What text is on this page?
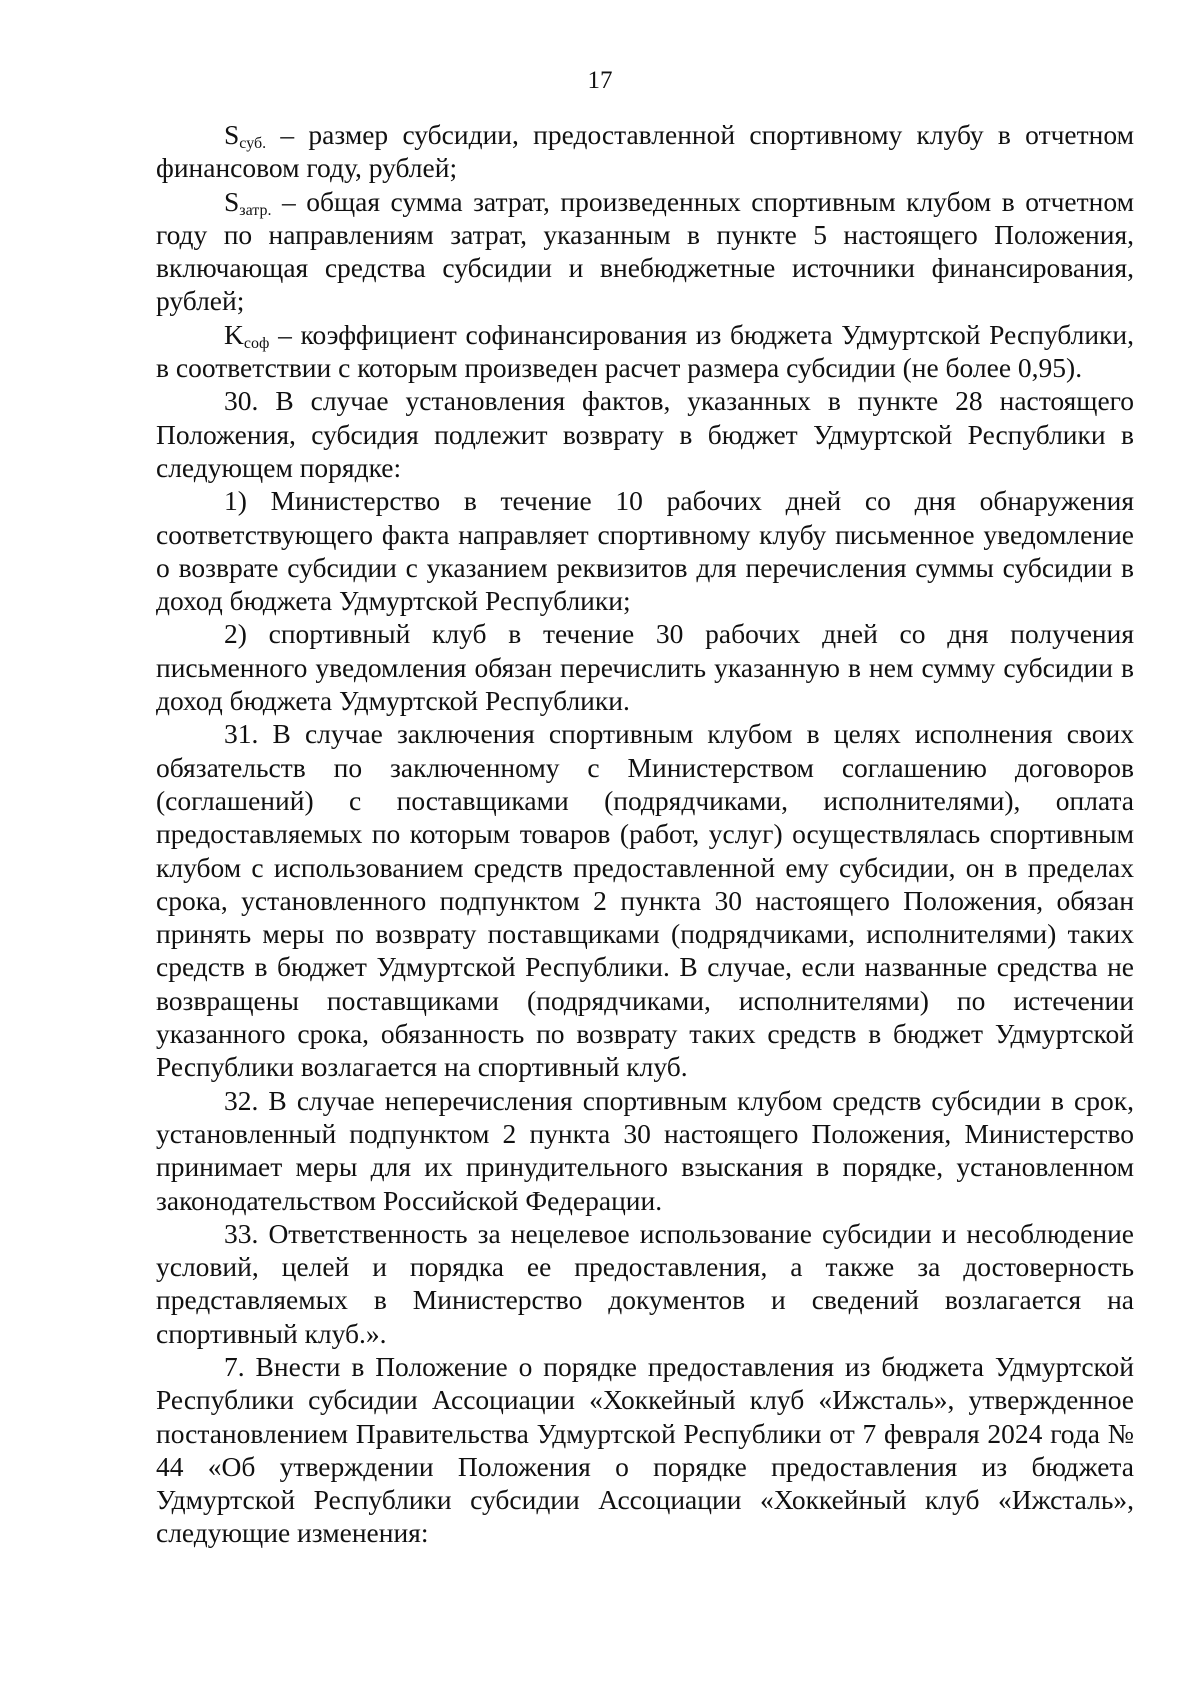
17

$S_{суб.}$ – размер субсидии, предоставленной спортивному клубу в отчетном финансовом году, рублей;

$S_{затр.}$ – общая сумма затрат, произведенных спортивным клубом в отчетном году по направлениям затрат, указанным в пункте 5 настоящего Положения, включающая средства субсидии и внебюджетные источники финансирования, рублей;

$K_{соф}$ – коэффициент софинансирования из бюджета Удмуртской Республики, в соответствии с которым произведен расчет размера субсидии (не более 0,95).

30. В случае установления фактов, указанных в пункте 28 настоящего Положения, субсидия подлежит возврату в бюджет Удмуртской Республики в следующем порядке:

1) Министерство в течение 10 рабочих дней со дня обнаружения соответствующего факта направляет спортивному клубу письменное уведомление о возврате субсидии с указанием реквизитов для перечисления суммы субсидии в доход бюджета Удмуртской Республики;

2) спортивный клуб в течение 30 рабочих дней со дня получения письменного уведомления обязан перечислить указанную в нем сумму субсидии в доход бюджета Удмуртской Республики.

31. В случае заключения спортивным клубом в целях исполнения своих обязательств по заключенному с Министерством соглашению договоров (соглашений) с поставщиками (подрядчиками, исполнителями), оплата предоставляемых по которым товаров (работ, услуг) осуществлялась спортивным клубом с использованием средств предоставленной ему субсидии, он в пределах срока, установленного подпунктом 2 пункта 30 настоящего Положения, обязан принять меры по возврату поставщиками (подрядчиками, исполнителями) таких средств в бюджет Удмуртской Республики. В случае, если названные средства не возвращены поставщиками (подрядчиками, исполнителями) по истечении указанного срока, обязанность по возврату таких средств в бюджет Удмуртской Республики возлагается на спортивный клуб.

32. В случае неперечисления спортивным клубом средств субсидии в срок, установленный подпунктом 2 пункта 30 настоящего Положения, Министерство принимает меры для их принудительного взыскания в порядке, установленном законодательством Российской Федерации.

33. Ответственность за нецелевое использование субсидии и несоблюдение условий, целей и порядка ее предоставления, а также за достоверность представляемых в Министерство документов и сведений возлагается на спортивный клуб.».

7. Внести в Положение о порядке предоставления из бюджета Удмуртской Республики субсидии Ассоциации «Хоккейный клуб «Ижсталь», утвержденное постановлением Правительства Удмуртской Республики от 7 февраля 2024 года № 44 «Об утверждении Положения о порядке предоставления из бюджета Удмуртской Республики субсидии Ассоциации «Хоккейный клуб «Ижсталь», следующие изменения:
